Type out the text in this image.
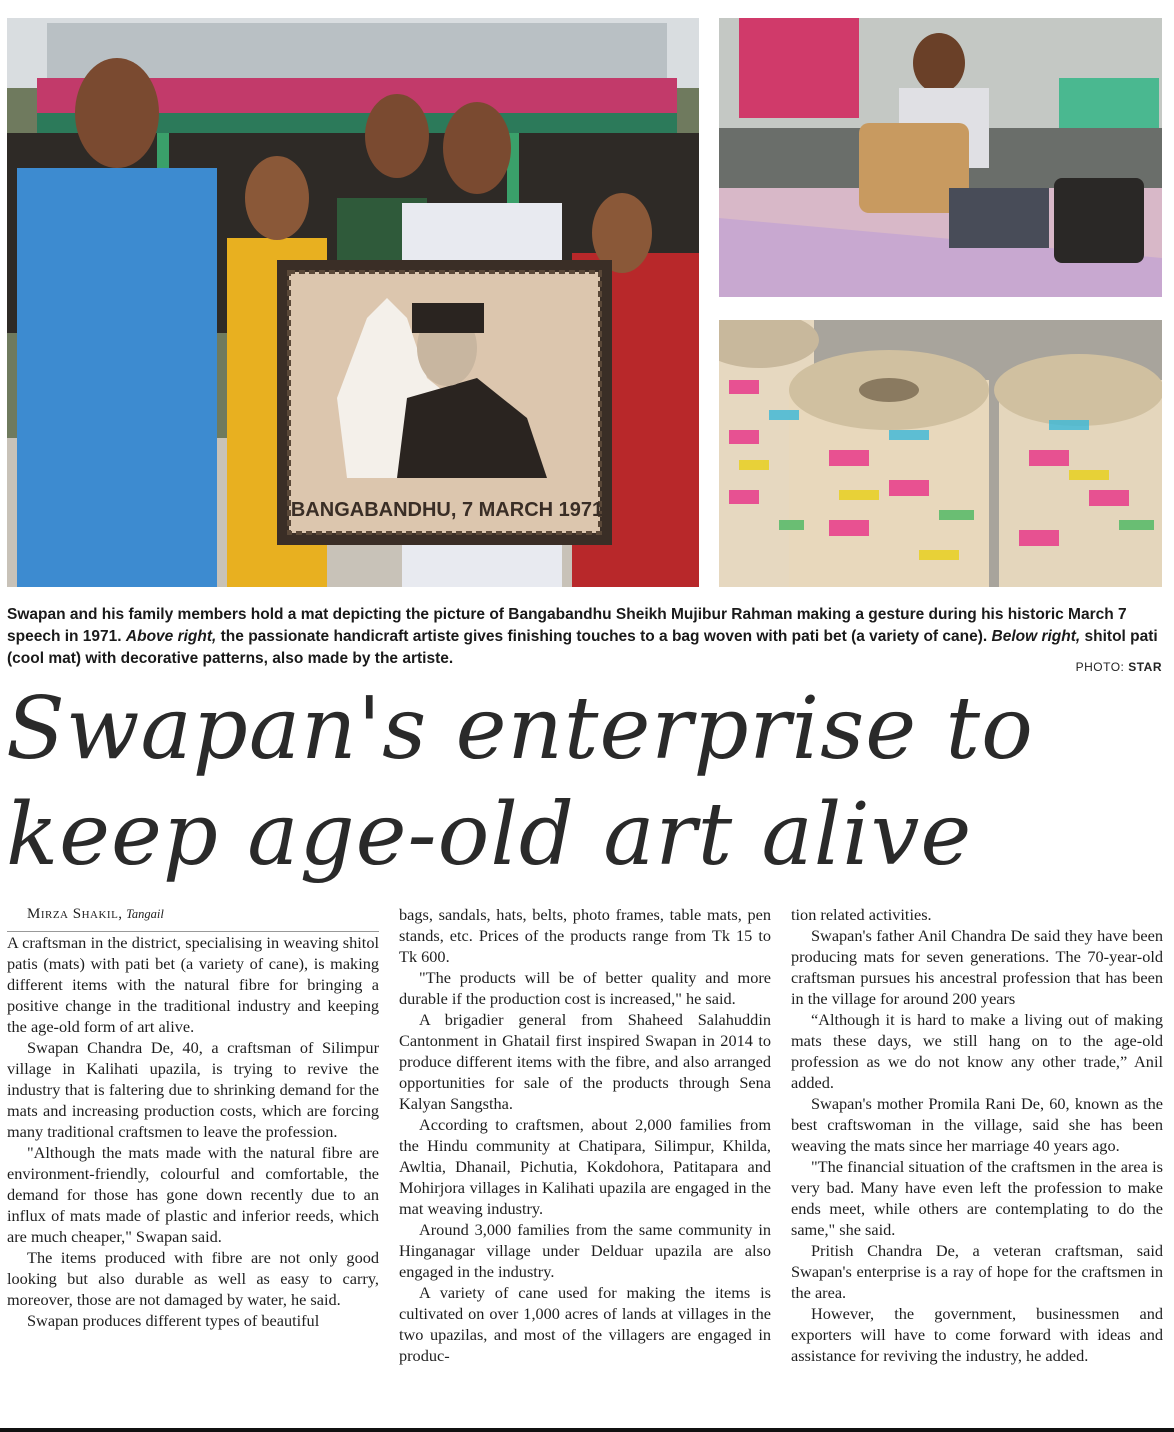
BANGABANDHU, 7 MARCH 1971
Swapan and his family members hold a mat depicting the picture of Bangabandhu Sheikh Mujibur Rahman making a gesture during his historic March 7 speech in 1971. Above right, the passionate handicraft artiste gives finishing touches to a bag woven with pati bet (a variety of cane). Below right, shitol pati (cool mat) with decorative patterns, also made by the artiste.	PHOTO: STAR
Swapan's enterprise to keep age-old art alive

Mirza Shakil, Tangail

A craftsman in the district, specialising in weaving shitol patis (mats) with pati bet (a variety of cane), is making different items with the natural fibre for bringing a positive change in the traditional industry and keeping the age-old form of art alive.

Swapan Chandra De, 40, a craftsman of Silimpur village in Kalihati upazila, is trying to revive the industry that is faltering due to shrinking demand for the mats and increasing production costs, which are forcing many traditional craftsmen to leave the profession.

"Although the mats made with the natural fibre are environment-friendly, colourful and comfortable, the demand for those has gone down recently due to an influx of mats made of plastic and inferior reeds, which are much cheaper," Swapan said.

The items produced with fibre are not only good looking but also durable as well as easy to carry, moreover, those are not damaged by water, he said.

Swapan produces different types of beautiful

bags, sandals, hats, belts, photo frames, table mats, pen stands, etc. Prices of the products range from Tk 15 to Tk 600.

"The products will be of better quality and more durable if the production cost is increased," he said.

A brigadier general from Shaheed Salahuddin Cantonment in Ghatail first inspired Swapan in 2014 to produce different items with the fibre, and also arranged opportunities for sale of the products through Sena Kalyan Sangstha.

According to craftsmen, about 2,000 families from the Hindu community at Chatipara, Silimpur, Khilda, Awltia, Dhanail, Pichutia, Kokdohora, Patitapara and Mohirjora villages in Kalihati upazila are engaged in the mat weaving industry.

Around 3,000 families from the same community in Hinganagar village under Delduar upazila are also engaged in the industry.

A variety of cane used for making the items is cultivated on over 1,000 acres of lands at villages in the two upazilas, and most of the villagers are engaged in produc-

tion related activities.

Swapan's father Anil Chandra De said they have been producing mats for seven generations. The 70-year-old craftsman pursues his ancestral profession that has been in the village for around 200 years

“Although it is hard to make a living out of making mats these days, we still hang on to the age-old profession as we do not know any other trade,” Anil added.

Swapan's mother Promila Rani De, 60, known as the best craftswoman in the village, said she has been weaving the mats since her marriage 40 years ago.

"The financial situation of the craftsmen in the area is very bad. Many have even left the profession to make ends meet, while others are contemplating to do the same," she said.

Pritish Chandra De, a veteran craftsman, said Swapan's enterprise is a ray of hope for the craftsmen in the area.

However, the government, businessmen and exporters will have to come forward with ideas and assistance for reviving the industry, he added.
